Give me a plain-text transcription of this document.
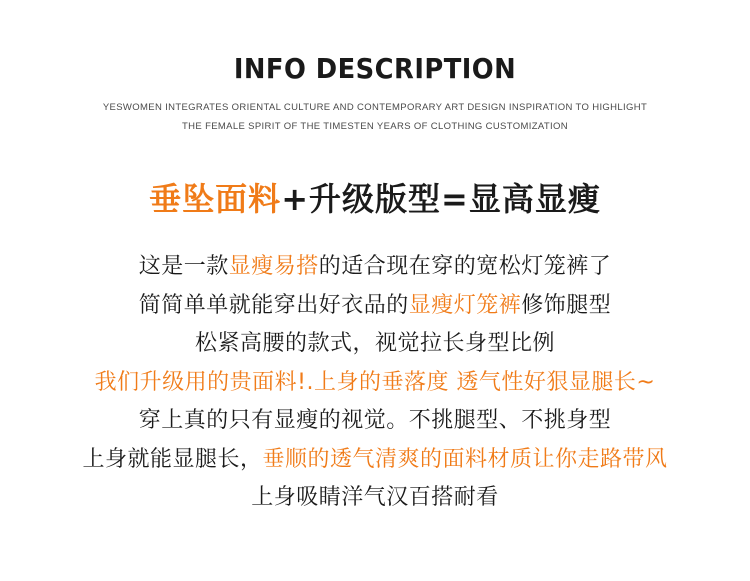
INFO DESCRIPTION

YESWOMEN INTEGRATES ORIENTAL CULTURE AND CONTEMPORARY ART DESIGN INSPIRATION TO HIGHLIGHT
THE FEMALE SPIRIT OF THE TIMESTEN YEARS OF CLOTHING CUSTOMIZATION

垂坠面料+升级版型=显高显瘦
这是一款显瘦易搭的适合现在穿的宽松灯笼裤了
简简单单就能穿出好衣品的显瘦灯笼裤修饰腿型
松紧高腰的款式，视觉拉长身型比例
我们升级用的贵面料!.上身的垂落度 透气性好狠显腿长~
穿上真的只有显瘦的视觉。不挑腿型、不挑身型
上身就能显腿长，垂顺的透气清爽的面料材质让你走路带风
上身吸睛洋气汉百搭耐看
